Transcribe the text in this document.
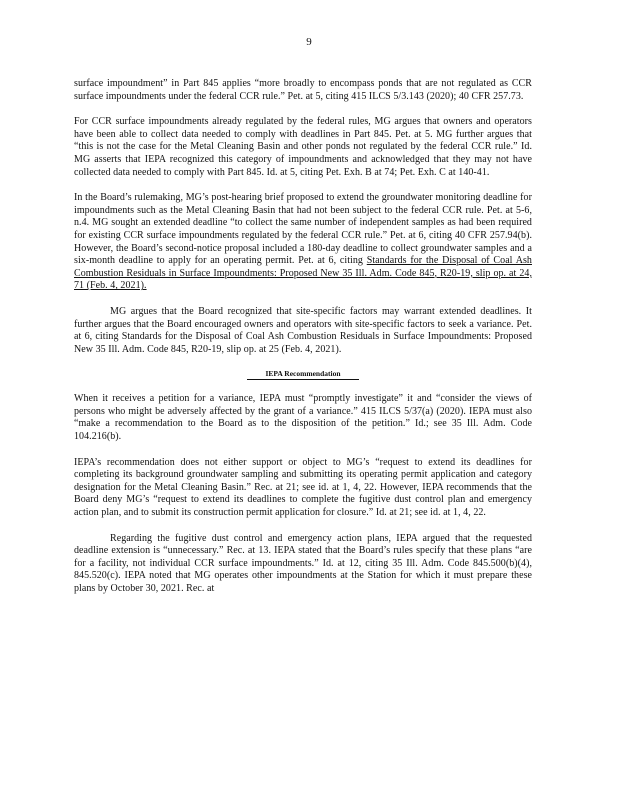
9

surface impoundment” in Part 845 applies “more broadly to encompass ponds that are not regulated as CCR surface impoundments under the federal CCR rule.” Pet. at 5, citing 415 ILCS 5/3.143 (2020); 40 CFR 257.73.

For CCR surface impoundments already regulated by the federal rules, MG argues that owners and operators have been able to collect data needed to comply with deadlines in Part 845. Pet. at 5. MG further argues that “this is not the case for the Metal Cleaning Basin and other ponds not regulated by the federal CCR rule.” Id. MG asserts that IEPA recognized this category of impoundments and acknowledged that they may not have collected data needed to comply with Part 845. Id. at 5, citing Pet. Exh. B at 74; Pet. Exh. C at 140-41.

In the Board’s rulemaking, MG’s post-hearing brief proposed to extend the groundwater monitoring deadline for impoundments such as the Metal Cleaning Basin that had not been subject to the federal CCR rule. Pet. at 5-6, n.4. MG sought an extended deadline “to collect the same number of independent samples as had been required for existing CCR surface impoundments regulated by the federal CCR rule.” Pet. at 6, citing 40 CFR 257.94(b). However, the Board’s second-notice proposal included a 180-day deadline to collect groundwater samples and a six-month deadline to apply for an operating permit. Pet. at 6, citing Standards for the Disposal of Coal Ash Combustion Residuals in Surface Impoundments: Proposed New 35 Ill. Adm. Code 845, R20-19, slip op. at 24, 71 (Feb. 4, 2021).

MG argues that the Board recognized that site-specific factors may warrant extended deadlines. It further argues that the Board encouraged owners and operators with site-specific factors to seek a variance. Pet. at 6, citing Standards for the Disposal of Coal Ash Combustion Residuals in Surface Impoundments: Proposed New 35 Ill. Adm. Code 845, R20-19, slip op. at 25 (Feb. 4, 2021).

IEPA Recommendation

When it receives a petition for a variance, IEPA must “promptly investigate” it and “consider the views of persons who might be adversely affected by the grant of a variance.” 415 ILCS 5/37(a) (2020). IEPA must also “make a recommendation to the Board as to the disposition of the petition.” Id.; see 35 Ill. Adm. Code 104.216(b).

IEPA’s recommendation does not either support or object to MG’s “request to extend its deadlines for completing its background groundwater sampling and submitting its operating permit application and category designation for the Metal Cleaning Basin.” Rec. at 21; see id. at 1, 4, 22. However, IEPA recommends that the Board deny MG’s “request to extend its deadlines to complete the fugitive dust control plan and emergency action plan, and to submit its construction permit application for closure.” Id. at 21; see id. at 1, 4, 22.

Regarding the fugitive dust control and emergency action plans, IEPA argued that the requested deadline extension is “unnecessary.” Rec. at 13. IEPA stated that the Board’s rules specify that these plans “are for a facility, not individual CCR surface impoundments.” Id. at 12, citing 35 Ill. Adm. Code 845.500(b)(4), 845.520(c). IEPA noted that MG operates other impoundments at the Station for which it must prepare these plans by October 30, 2021. Rec. at
